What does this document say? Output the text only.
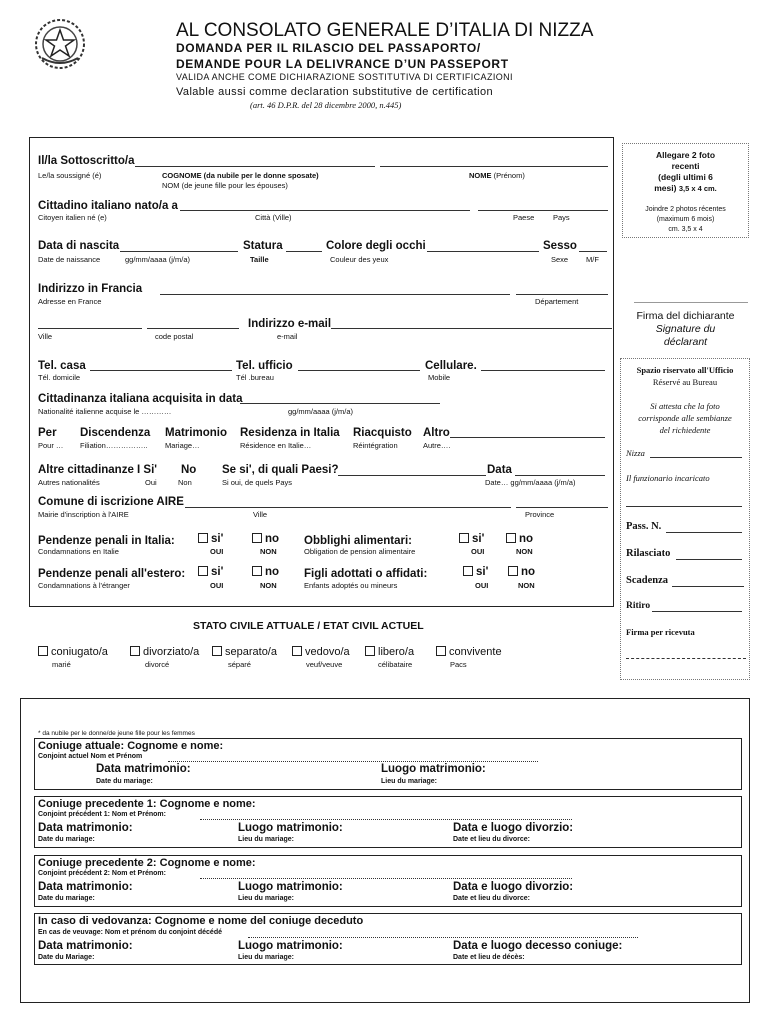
AL CONSOLATO GENERALE D’ITALIA DI NIZZA
DOMANDA PER IL RILASCIO DEL PASSAPORTO/
DEMANDE POUR LA DELIVRANCE D’UN PASSEPORT
VALIDA ANCHE COME DICHIARAZIONE SOSTITUTIVA DI CERTIFICAZIONI
Valable aussi comme declaration substitutive de certification
(art. 46 D.P.R. del 28 dicembre 2000, n.445)
Il/la Sottoscritto/a
Le/la soussigné (é)	COGNOME (da nubile per le donne sposate)
NOM (de jeune fille pour les épouses)
NOME (Prénom)
Cittadino italiano nato/a a
Citoyen italien né (e)	Città (Ville)	Paese Pays
Data di nascita	Statura	Colore degli occhi	Sesso
Date de naissance	gg/mm/aaaa (j/m/a)	Taille	Couleur des yeux	Sexe M/F
Indirizzo in Francia
Adresse en France	Département
Indirizzo e-mail
Ville	code postal	e-mail
Tel. casa	Tel. ufficio	Cellulare.
Tél. domicile	Tél .bureau	Mobile
Cittadinanza italiana acquisita in data
Nationalité italienne acquise le …………	gg/mm/aaaa (j/m/a)
Per Discendenza Matrimonio Residenza in Italia Riacquisto Altro
Pour … Filiation…………….. Mariage…	Résidence en Italie…	Réintégration	Autre….
Altre cittadinanze I Si' No Se si', di quali Paesi?	Data
Autres nationalités	Oui	Non	Si oui, de quels Pays	Date… gg/mm/aaaa (j/m/a)
Comune di iscrizione AIRE
Mairie d'inscription à l'AIRE	Ville	Province
Pendenze penali in Italia:	si'	no Obblighi alimentari:	si'	no
Condamnations en Italie	OUI	NON	Obligation de pension alimentaire	OUI	NON
Pendenze penali all'estero:	si'	no Figli adottati o affidati:	si'	no
Condamnations à l'étranger	OUI	NON	Enfants adoptés ou mineurs	OUI	NON
Allegare 2 foto
recenti
(degli ultimi 6
mesi) 3,5 x 4 cm.
Joindre 2 photos récentes
(maximum 6 mois)
cm. 3,5 x 4
Firma del dichiarante
Signature du
déclarant
Spazio riservato all'Ufficio
Réservé au Bureau
Si attesta che la foto
corrisponde alle sembianze
del richiedente
Nizza
Il funzionario incaricato
Pass. N.
Rilasciato
Scadenza
Ritiro
Firma per ricevuta
STATO CIVILE ATTUALE / ETAT CIVIL ACTUEL
coniugato/a
marié
divorziato/a
divorcé
separato/a
séparé
vedovo/a
veuf/veuve
libero/a
célibataire
convivente
Pacs
* da nubile per le donne/de jeune fille pour les femmes
Coniuge attuale: Cognome e nome:
Conjoint actuel Nom et Prénom
Data matrimonio:
Date du mariage:
Luogo matrimonio:
Lieu du mariage:
Coniuge precedente 1: Cognome e nome:
Conjoint précédent 1: Nom et Prénom:
Data matrimonio:
Date du mariage:
Luogo matrimonio:
Lieu du mariage:
Data e luogo divorzio:
Date et lieu du divorce:
Coniuge precedente 2: Cognome e nome:
Conjoint précédent 2: Nom et Prénom:
Data matrimonio:
Date du mariage:
Luogo matrimonio:
Lieu du mariage:
Data e luogo divorzio:
Date et lieu du divorce:
In caso di vedovanza: Cognome e nome del coniuge deceduto
En cas de veuvage: Nom et prénom du conjoint décédé
Data matrimonio:
Date du Mariage:
Luogo matrimonio:
Lieu du mariage:
Data e luogo decesso coniuge:
Date et lieu de décès:
